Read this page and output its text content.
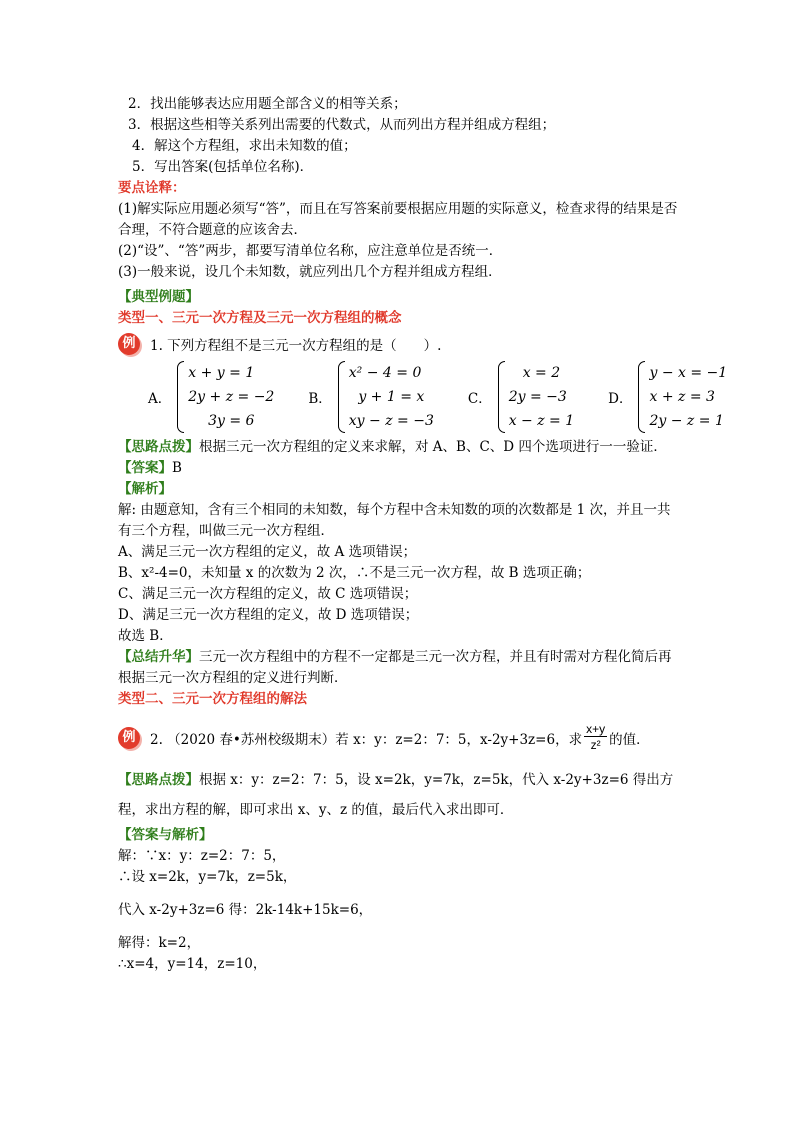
2．找出能够表达应用题全部含义的相等关系；
3．根据这些相等关系列出需要的代数式，从而列出方程并组成方程组；
4．解这个方程组，求出未知数的值；
5．写出答案(包括单位名称)．
要点诠释：
(1)解实际应用题必须写“答”，而且在写答案前要根据应用题的实际意义，检查求得的结果是否合理，不符合题意的应该舍去．
(2)“设”、“答”两步，都要写清单位名称，应注意单位是否统一．
(3)一般来说，设几个未知数，就应列出几个方程并组成方程组．
【典型例题】
类型一、三元一次方程及三元一次方程组的概念
例	1. 下列方程组不是三元一次方程组的是（　　）.
A．
x + y = 1
2y + z = −2
3y = 6
B．
x² − 4 = 0
y + 1 = x
xy − z = −3
C．
x = 2
2y = −3
x − z = 1
D．
y − x = −1
x + z = 3
2y − z = 1
【思路点拨】根据三元一次方程组的定义来求解，对 A、B、C、D 四个选项进行一一验证．
【答案】B
【解析】
解: 由题意知，含有三个相同的未知数，每个方程中含未知数的项的次数都是 1 次，并且一共有三个方程，叫做三元一次方程组．
A、满足三元一次方程组的定义，故 A 选项错误；
B、x²-4=0，未知量 x 的次数为 2 次，∴不是三元一次方程，故 B 选项正确；
C、满足三元一次方程组的定义，故 C 选项错误；
D、满足三元一次方程组的定义，故 D 选项错误；
故选 B．
【总结升华】三元一次方程组中的方程不一定都是三元一次方程，并且有时需对方程化简后再根据三元一次方程组的定义进行判断．
类型二、三元一次方程组的解法
例	2. （2020 春•苏州校级期末）若 x：y：z=2：7：5，x-2y+3z=6，求 $\frac{x+y}{\text{z²}}$ 的值．
【思路点拨】根据 x：y：z=2：7：5，设 x=2k，y=7k，z=5k，代入 x-2y+3z=6 得出方程，求出方程的解，即可求出 x、y、z 的值，最后代入求出即可．
【答案与解析】
解：∵x：y：z=2：7：5，
∴设 x=2k，y=7k，z=5k，
代入 x-2y+3z=6 得：2k-14k+15k=6，
解得：k=2，
∴x=4，y=14，z=10，
